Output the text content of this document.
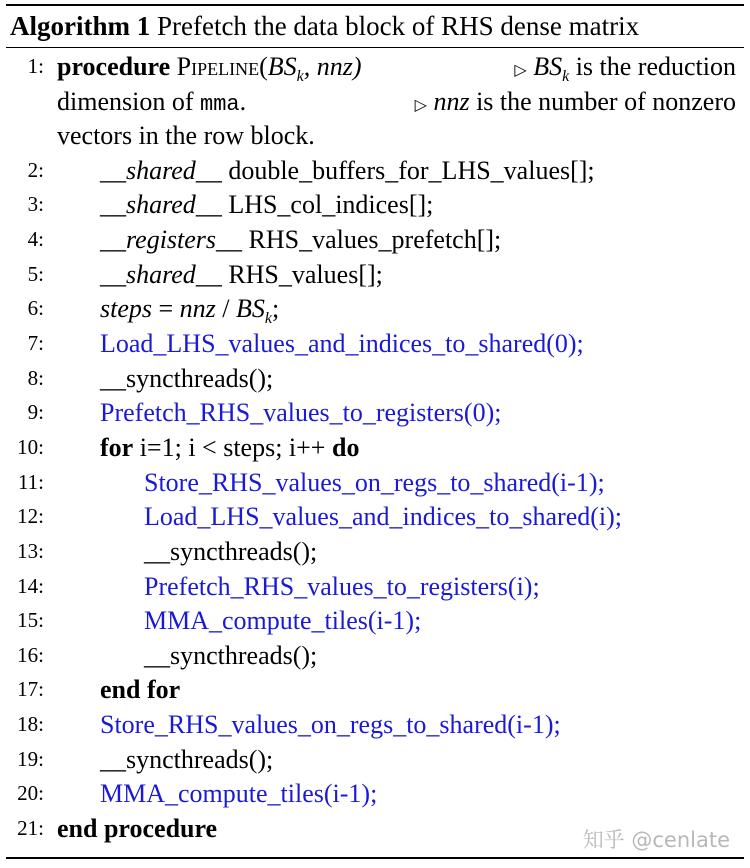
Algorithm 1 Prefetch the data block of RHS dense matrix
1: procedure $Pipeline(BS_k$, nnz)	▷ $BS_k$ is the reduction
dimension of mma.	▷ nnz is the number of nonzero
vectors in the row block.
2: __shared__ double_buffers_for_LHS_values[];
3: __shared__ LHS_col_indices[];
4: __registers__ RHS_values_prefetch[];
5: __shared__ RHS_values[];
6: steps = nnz / $BS_k$;
7: Load_LHS_values_and_indices_to_shared(0);
8: __syncthreads();
9: Prefetch_RHS_values_to_registers(0);
10: for i=1; i < steps; i++ do
11:	Store_RHS_values_on_regs_to_shared(i-1);
12:	Load_LHS_values_and_indices_to_shared(i);
13:	__syncthreads();
14:	Prefetch_RHS_values_to_registers(i);
15:	MMA_compute_tiles(i-1);
16:	__syncthreads();
17: end for
18: Store_RHS_values_on_regs_to_shared(i-1);
19: __syncthreads();
20: MMA_compute_tiles(i-1);
21: end procedure	知乎 @cenlate
